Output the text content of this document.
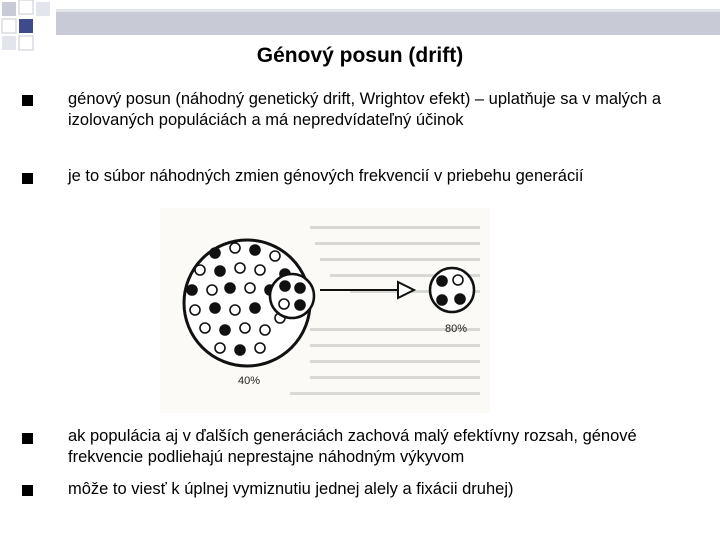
Génový posun (drift)
génový posun (náhodný genetický drift, Wrightov efekt) – uplatňuje sa v malých a izolovaných populáciách a má nepredvídateľný účinok
je to súbor náhodných zmien génových frekvencií v priebehu generácií
40%
80%
ak populácia aj v ďalších generáciách zachová malý efektívny rozsah, génové frekvencie podliehajú neprestajne náhodným výkyvom
môže to viesť k úplnej vymiznutiu jednej alely a fixácii druhej)
